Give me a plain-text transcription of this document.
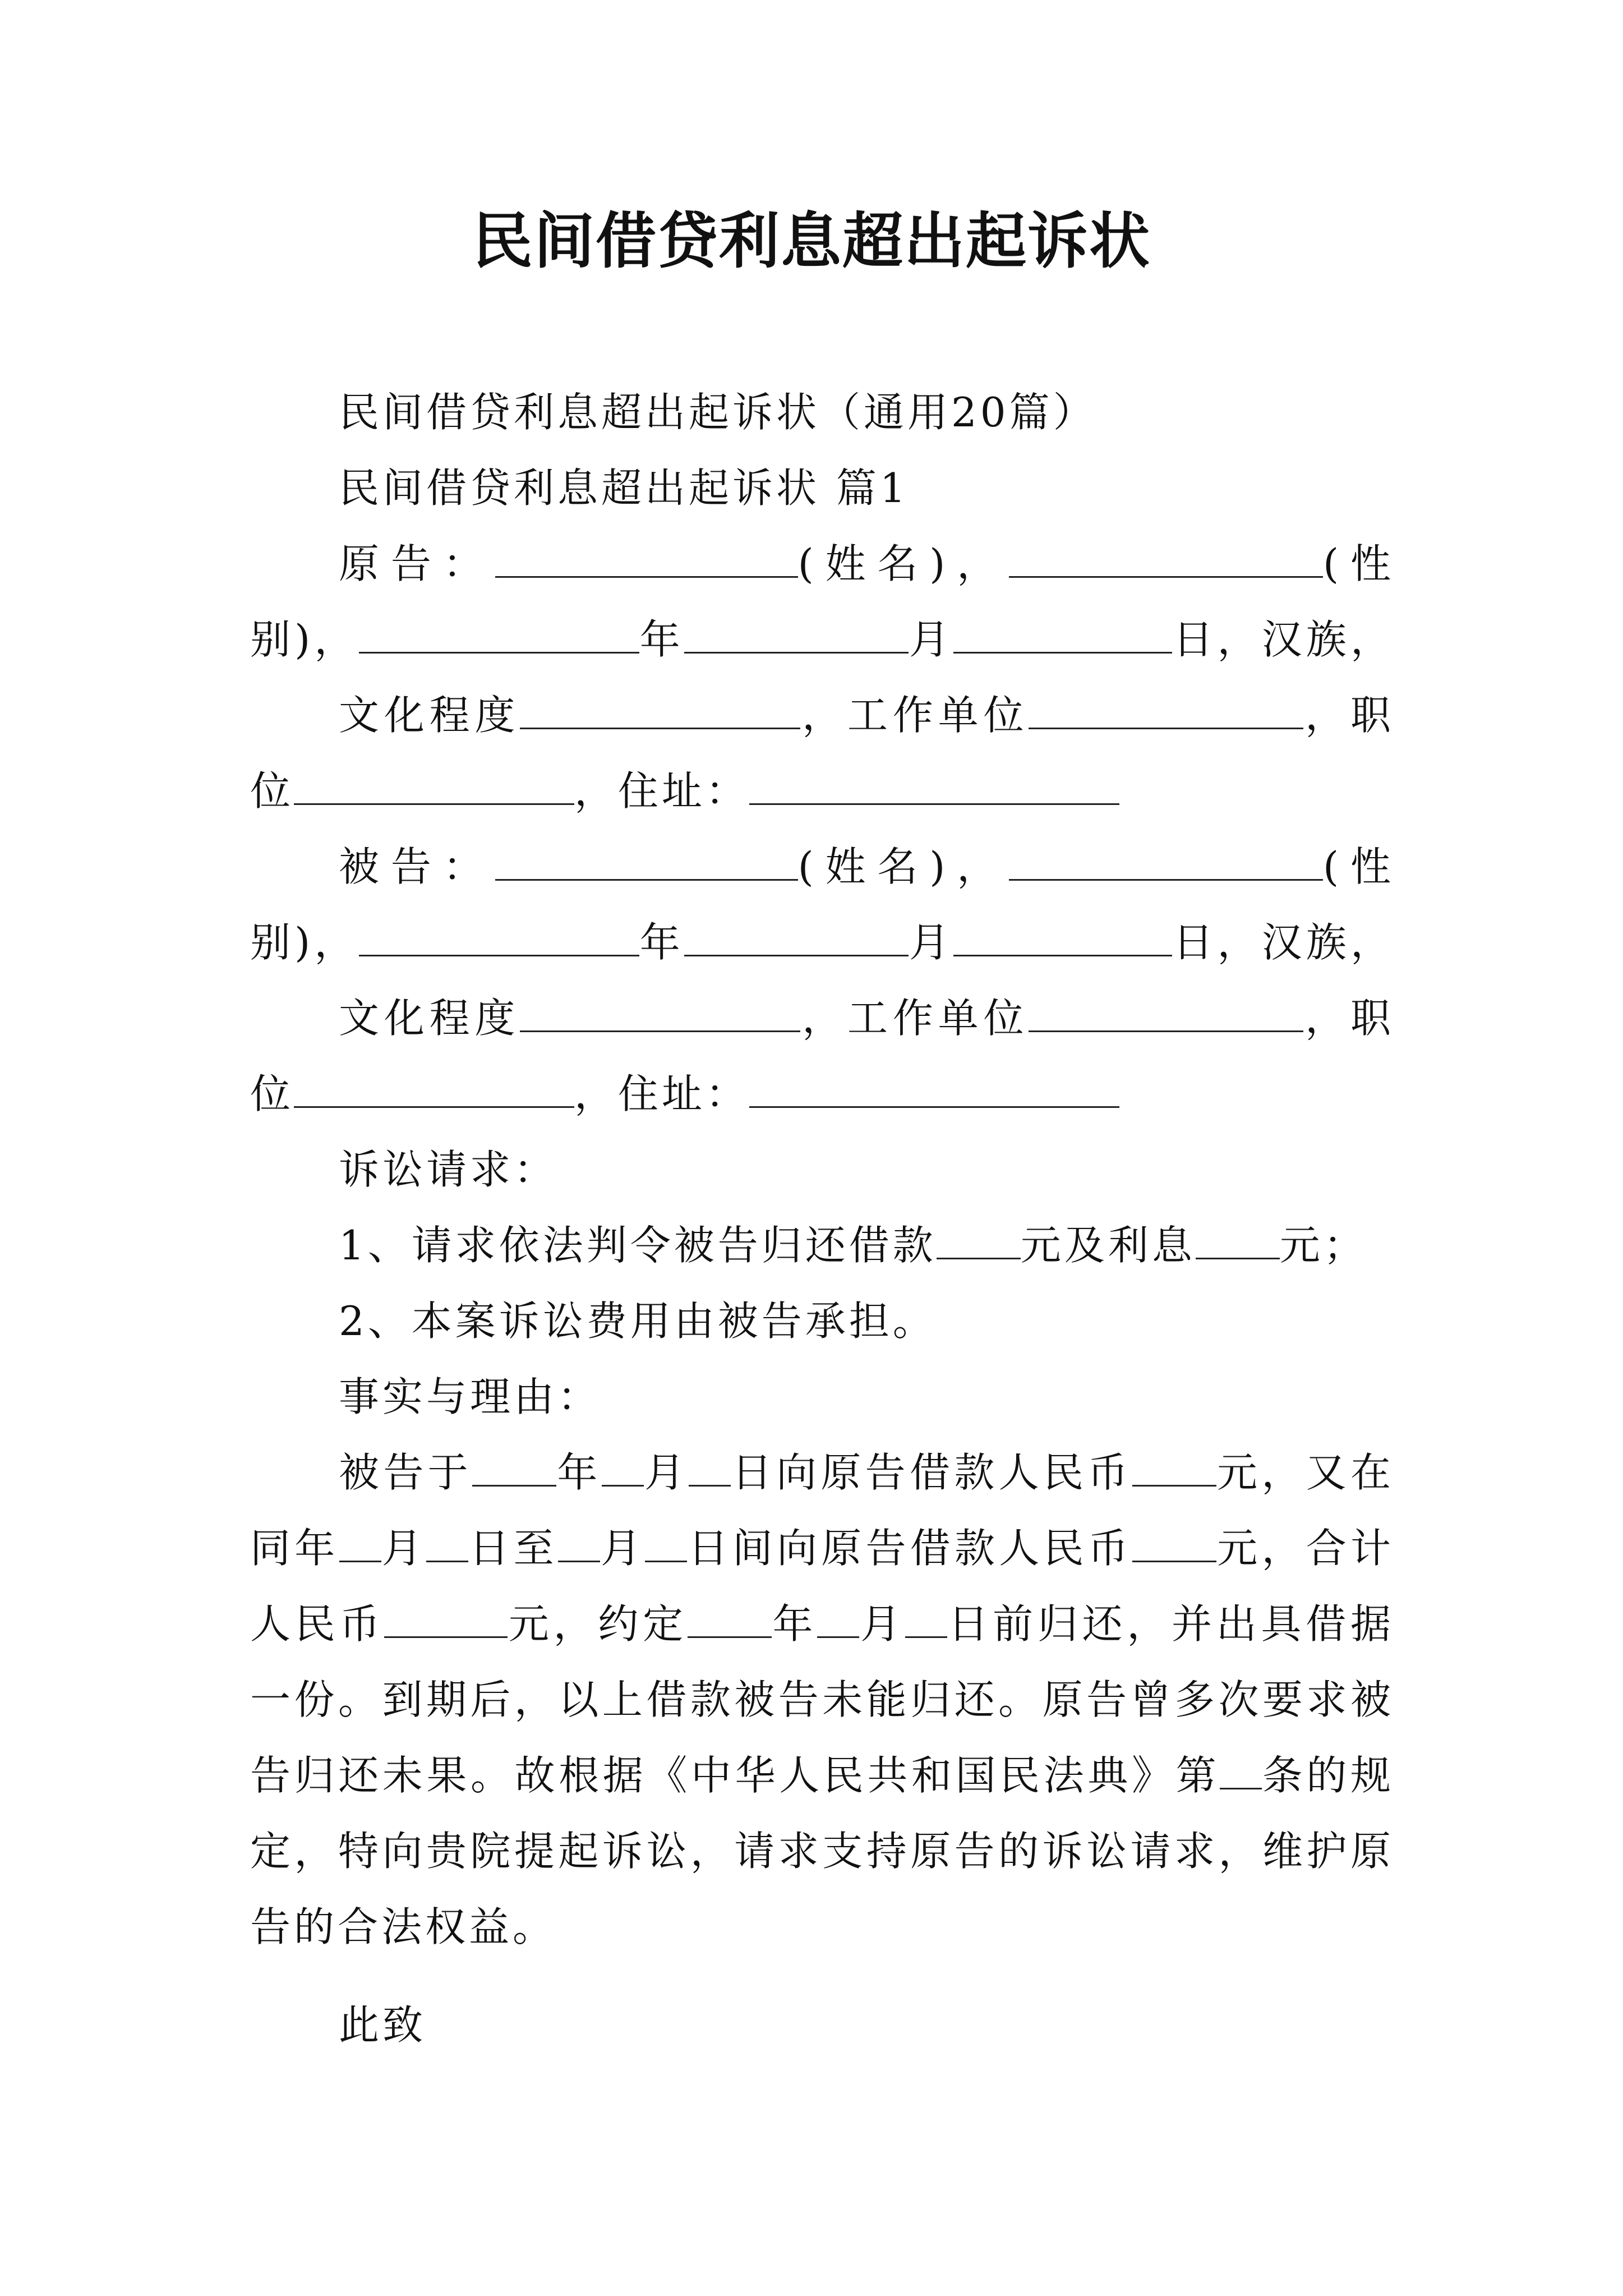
民间借贷利息超出起诉状
民间借贷利息超出起诉状（通用20篇）
民间借贷利息超出起诉状 篇1
原告：	(姓名)，	(性
别)，	年	月	日，汉族，
文化程度	，工作单位	，职
位	，住址：
被告：	(姓名)，	(性
别)，	年	月	日，汉族，
文化程度	，工作单位	，职
位	，住址：
诉讼请求：
1、请求依法判令被告归还借款 元及利息 元；
2、本案诉讼费用由被告承担。
事实与理由：
被告于 年 月 日向原告借款人民币 元，又在
同年 月 日至 月 日间向原告借款人民币 元，合计
人民币	元，约定 年 月 日前归还，并出具借据
一份。到期后，以上借款被告未能归还。原告曾多次要求被
告归还未果。故根据《中华人民共和国民法典》第 条的规
定，特向贵院提起诉讼，请求支持原告的诉讼请求，维护原
告的合法权益。
此致
